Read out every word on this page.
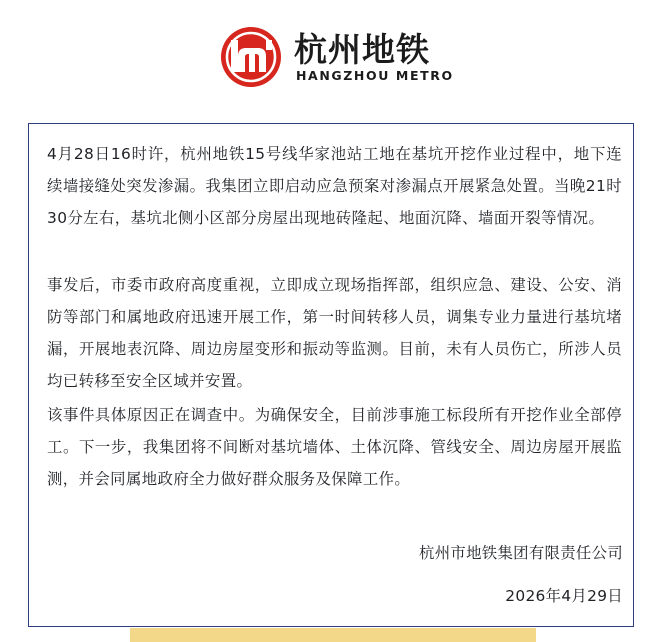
杭州地铁
HANGZHOU METRO
4月28日16时许，杭州地铁15号线华家池站工地在基坑开挖作业过程中，地下连续墙接缝处突发渗漏。我集团立即启动应急预案对渗漏点开展紧急处置。当晚21时30分左右，基坑北侧小区部分房屋出现地砖隆起、地面沉降、墙面开裂等情况。
事发后，市委市政府高度重视，立即成立现场指挥部，组织应急、建设、公安、消防等部门和属地政府迅速开展工作，第一时间转移人员，调集专业力量进行基坑堵漏，开展地表沉降、周边房屋变形和振动等监测。目前，未有人员伤亡，所涉人员均已转移至安全区域并安置。
该事件具体原因正在调查中。为确保安全，目前涉事施工标段所有开挖作业全部停工。下一步，我集团将不间断对基坑墙体、土体沉降、管线安全、周边房屋开展监测，并会同属地政府全力做好群众服务及保障工作。
杭州市地铁集团有限责任公司
2026年4月29日
